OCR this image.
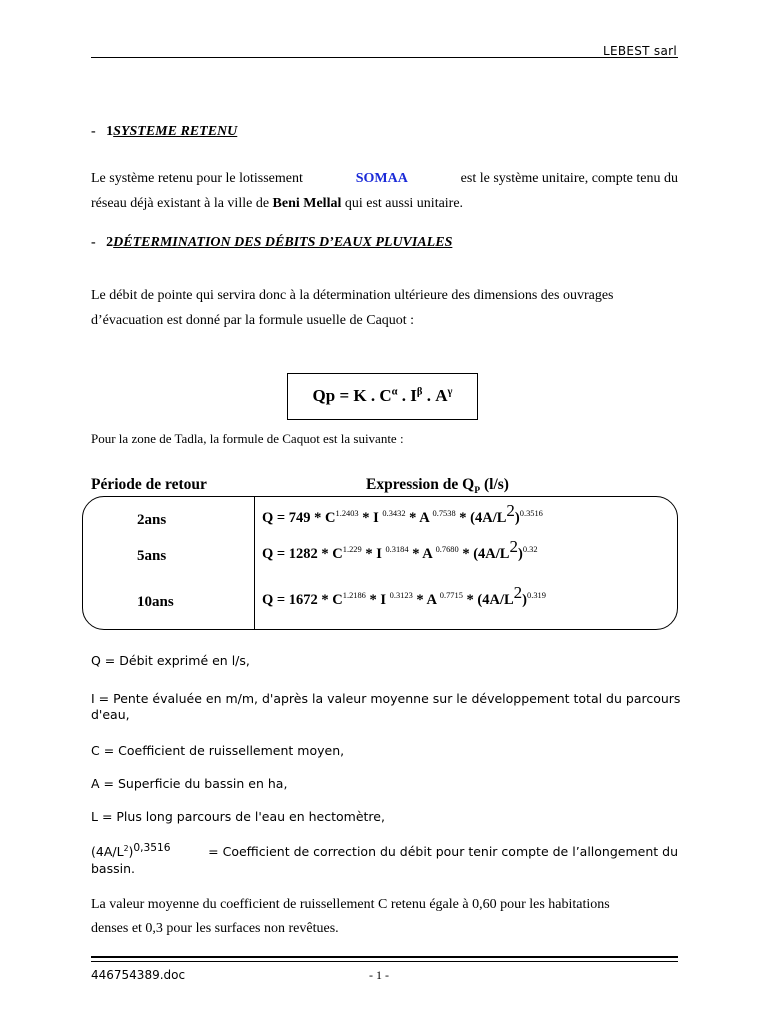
LEBEST sarl
- 1SYSTEME RETENU
Le système retenu pour le lotissement	SOMAA	est le système unitaire, compte tenu du
réseau déjà existant à la ville de Beni Mellal qui est aussi unitaire.
- 2DÉTERMINATION DES DÉBITS D’EAUX PLUVIALES
Le débit de pointe qui servira donc à la détermination ultérieure des dimensions des ouvrages
d’évacuation est donné par la formule usuelle de Caquot :
Qp = K . $C^\alpha$ . $I^\beta$ . $A^\gamma$
Pour la zone de Tadla, la formule de Caquot est la suivante :
Période de retour	Expression de $Q_P$ (l/s)
2ans	$Q = 749 * C^{1.2403} * I$ $^{0.3432}$ * A $^{0.7538} * (4A/L^2)^{0.3516}$
5ans	$Q = 1282 * C^{1.229} * I$ $^{0.3184}$ * A $^{0.7680} * (4A/L^2)^{0.32}$
10ans	$Q = 1672 * C^{1.2186} * I$ $^{0.3123}$ * A $^{0.7715} * (4A/L^2)^{0.319}$
Q = Débit exprimé en l/s,
I = Pente évaluée en m/m, d'après la valeur moyenne sur le développement total du parcours
d'eau,
C = Coefficient de ruissellement moyen,
A = Superficie du bassin en ha,
L = Plus long parcours de l'eau en hectomètre,
$(4A/L^2)^{0,3516}$	= Coefficient de correction du débit pour tenir compte de l’allongement du
bassin.
La valeur moyenne du coefficient de ruissellement C retenu égale à 0,60 pour les habitations
denses et 0,3 pour les surfaces non revêtues.
446754389.doc	- 1 -
